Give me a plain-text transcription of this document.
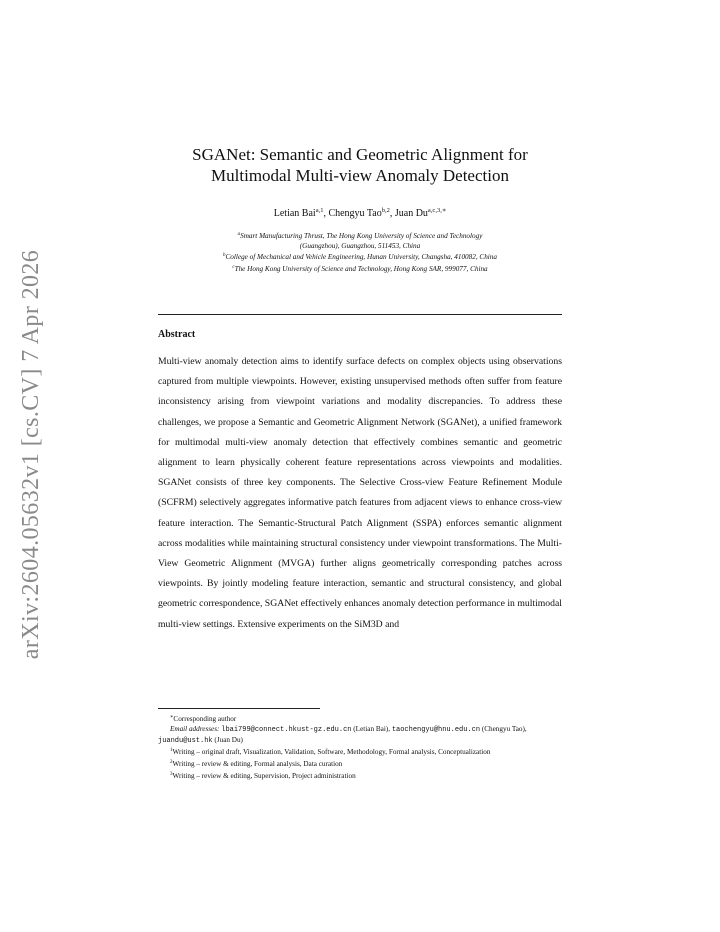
arXiv:2604.05632v1 [cs.CV] 7 Apr 2026
SGANet: Semantic and Geometric Alignment for
Multimodal Multi-view Anomaly Detection
Letian Bai$^{a,1}$, Chengyu Tao$^{b,2}$, Juan $Du^{a,c,3,∗}$
$^a$Smart Manufacturing Thrust, The Hong Kong University of Science and Technology
(Guangzhou), Guangzhou, 511453, China
$^b$College of Mechanical and Vehicle Engineering, Hunan University, Changsha, 410082, China
$^c$The Hong Kong University of Science and Technology, Hong Kong SAR, 999077, China
Abstract
Multi-view anomaly detection aims to identify surface defects on complex objects using observations captured from multiple viewpoints. However, existing unsupervised methods often suffer from feature inconsistency arising from viewpoint variations and modality discrepancies. To address these challenges, we propose a Semantic and Geometric Alignment Network (SGANet), a unified framework for multimodal multi-view anomaly detection that effectively combines semantic and geometric alignment to learn physically coherent feature representations across viewpoints and modalities. SGANet consists of three key components. The Selective Cross-view Feature Refinement Module (SCFRM) selectively aggregates informative patch features from adjacent views to enhance cross-view feature interaction. The Semantic-Structural Patch Alignment (SSPA) enforces semantic alignment across modalities while maintaining structural consistency under viewpoint transformations. The Multi-View Geometric Alignment (MVGA) further aligns geometrically corresponding patches across viewpoints. By jointly modeling feature interaction, semantic and structural consistency, and global geometric correspondence, SGANet effectively enhances anomaly detection performance in multimodal multi-view settings. Extensive experiments on the SiM3D and
∗Corresponding author
Email addresses: lbai799@connect.hkust-gz.edu.cn (Letian Bai), taochengyu@hnu.edu.cn (Chengyu Tao), juandu@ust.hk (Juan Du)
$^1$Writing – original draft, Visualization, Validation, Software, Methodology, Formal analysis, Conceptualization
$^2$Writing – review & editing, Formal analysis, Data curation
$^3$Writing – review & editing, Supervision, Project administration
